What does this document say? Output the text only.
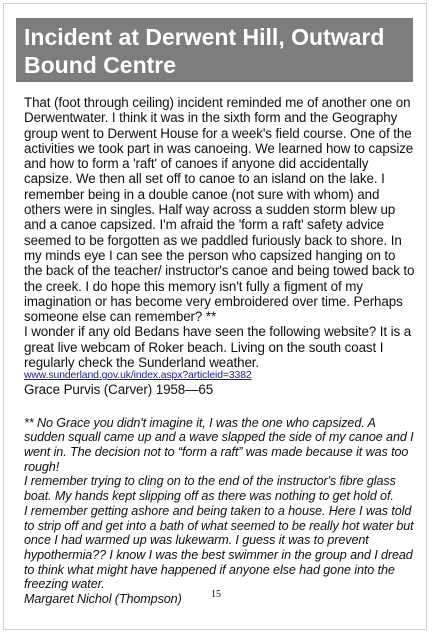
Incident at Derwent Hill, Outward Bound Centre

That (foot through ceiling) incident reminded me of another one on Derwentwater. I think it was in the sixth form and the Geography group went to Derwent House for a week's field course. One of the activities we took part in was canoeing. We learned how to capsize and how to form a 'raft' of canoes if anyone did accidentally capsize. We then all set off to canoe to an island on the lake. I remember being in a double canoe (not sure with whom) and others were in singles. Half way across a sudden storm blew up and a canoe capsized. I'm afraid the 'form a raft' safety advice seemed to be forgotten as we paddled furiously back to shore. In my minds eye I can see the person who capsized hanging on to the back of the teacher/ instructor's canoe and being towed back to the creek. I do hope this memory isn't fully a figment of my imagination or has become very embroidered over time. Perhaps someone else can remember? **

I wonder if any old Bedans have seen the following website? It is a great live webcam of Roker beach. Living on the south coast I regularly check the Sunderland weather.

www.sunderland.gov.uk/index.aspx?articleid=3382

Grace Purvis (Carver) 1958—65

** No Grace you didn't imagine it, I was the one who capsized. A sudden squall came up and a wave slapped the side of my canoe and I went in. The decision not to “form a raft” was made because it was too rough!
I remember trying to cling on to the end of the instructor's fibre glass boat. My hands kept slipping off as there was nothing to get hold of.
I remember getting ashore and being taken to a house. Here I was told to strip off and get into a bath of what seemed to be really hot water but once I had warmed up was lukewarm. I guess it was to prevent hypothermia?? I know I was the best swimmer in the group and I dread to think what might have happened if anyone else had gone into the freezing water.

Margaret Nichol (Thompson)	15
